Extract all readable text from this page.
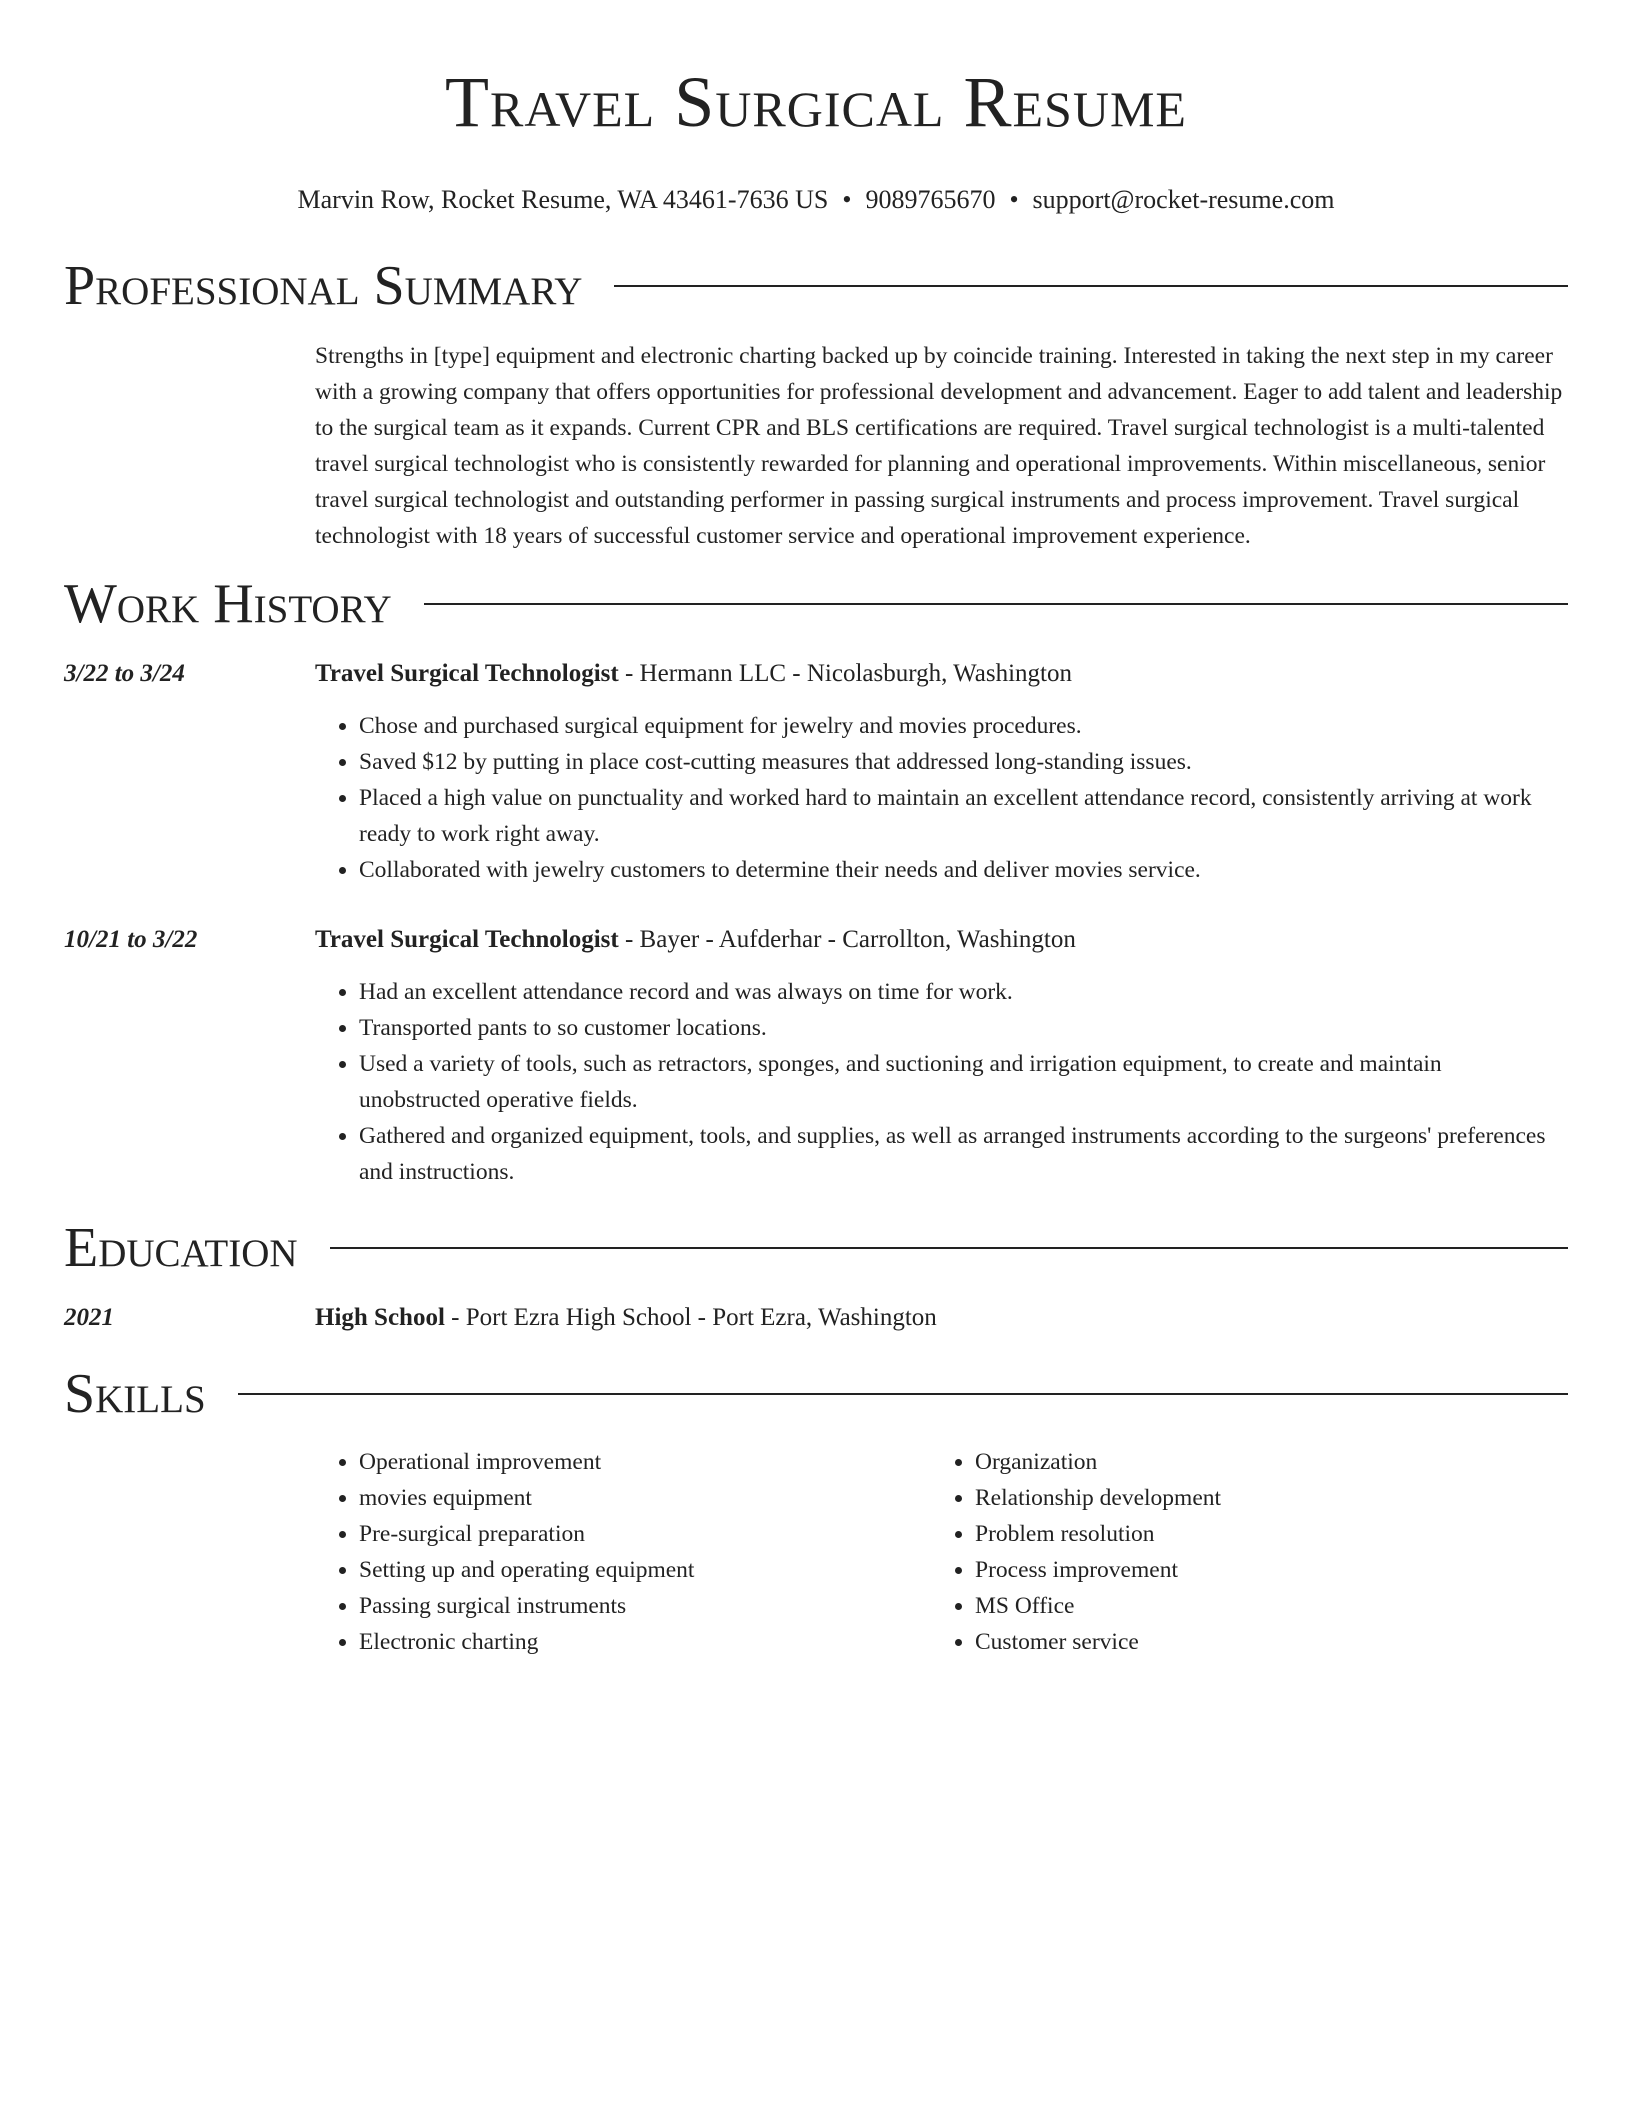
Travel Surgical Resume
Marvin Row, Rocket Resume, WA 43461-7636 US • 9089765670 • support@rocket-resume.com
Professional Summary

Strengths in [type] equipment and electronic charting backed up by coincide training. Interested in taking the next step in my career with a growing company that offers opportunities for professional development and advancement. Eager to add talent and leadership to the surgical team as it expands. Current CPR and BLS certifications are required. Travel surgical technologist is a multi-talented travel surgical technologist who is consistently rewarded for planning and operational improvements. Within miscellaneous, senior travel surgical technologist and outstanding performer in passing surgical instruments and process improvement. Travel surgical technologist with 18 years of successful customer service and operational improvement experience.

Work History
3/22 to 3/24	Travel Surgical Technologist - Hermann LLC - Nicolasburgh, Washington
• Chose and purchased surgical equipment for jewelry and movies procedures.
• Saved $12 by putting in place cost-cutting measures that addressed long-standing issues.
• Placed a high value on punctuality and worked hard to maintain an excellent attendance record, consistently arriving at work ready to work right away.
• Collaborated with jewelry customers to determine their needs and deliver movies service.
10/21 to 3/22	Travel Surgical Technologist - Bayer - Aufderhar - Carrollton, Washington
• Had an excellent attendance record and was always on time for work.
• Transported pants to so customer locations.
• Used a variety of tools, such as retractors, sponges, and suctioning and irrigation equipment, to create and maintain unobstructed operative fields.
• Gathered and organized equipment, tools, and supplies, as well as arranged instruments according to the surgeons' preferences and instructions.
Education
2021	High School - Port Ezra High School - Port Ezra, Washington
Skills
• Operational improvement
• movies equipment
• Pre-surgical preparation
• Setting up and operating equipment
• Passing surgical instruments
• Electronic charting
• Organization
• Relationship development
• Problem resolution
• Process improvement
• MS Office
• Customer service
